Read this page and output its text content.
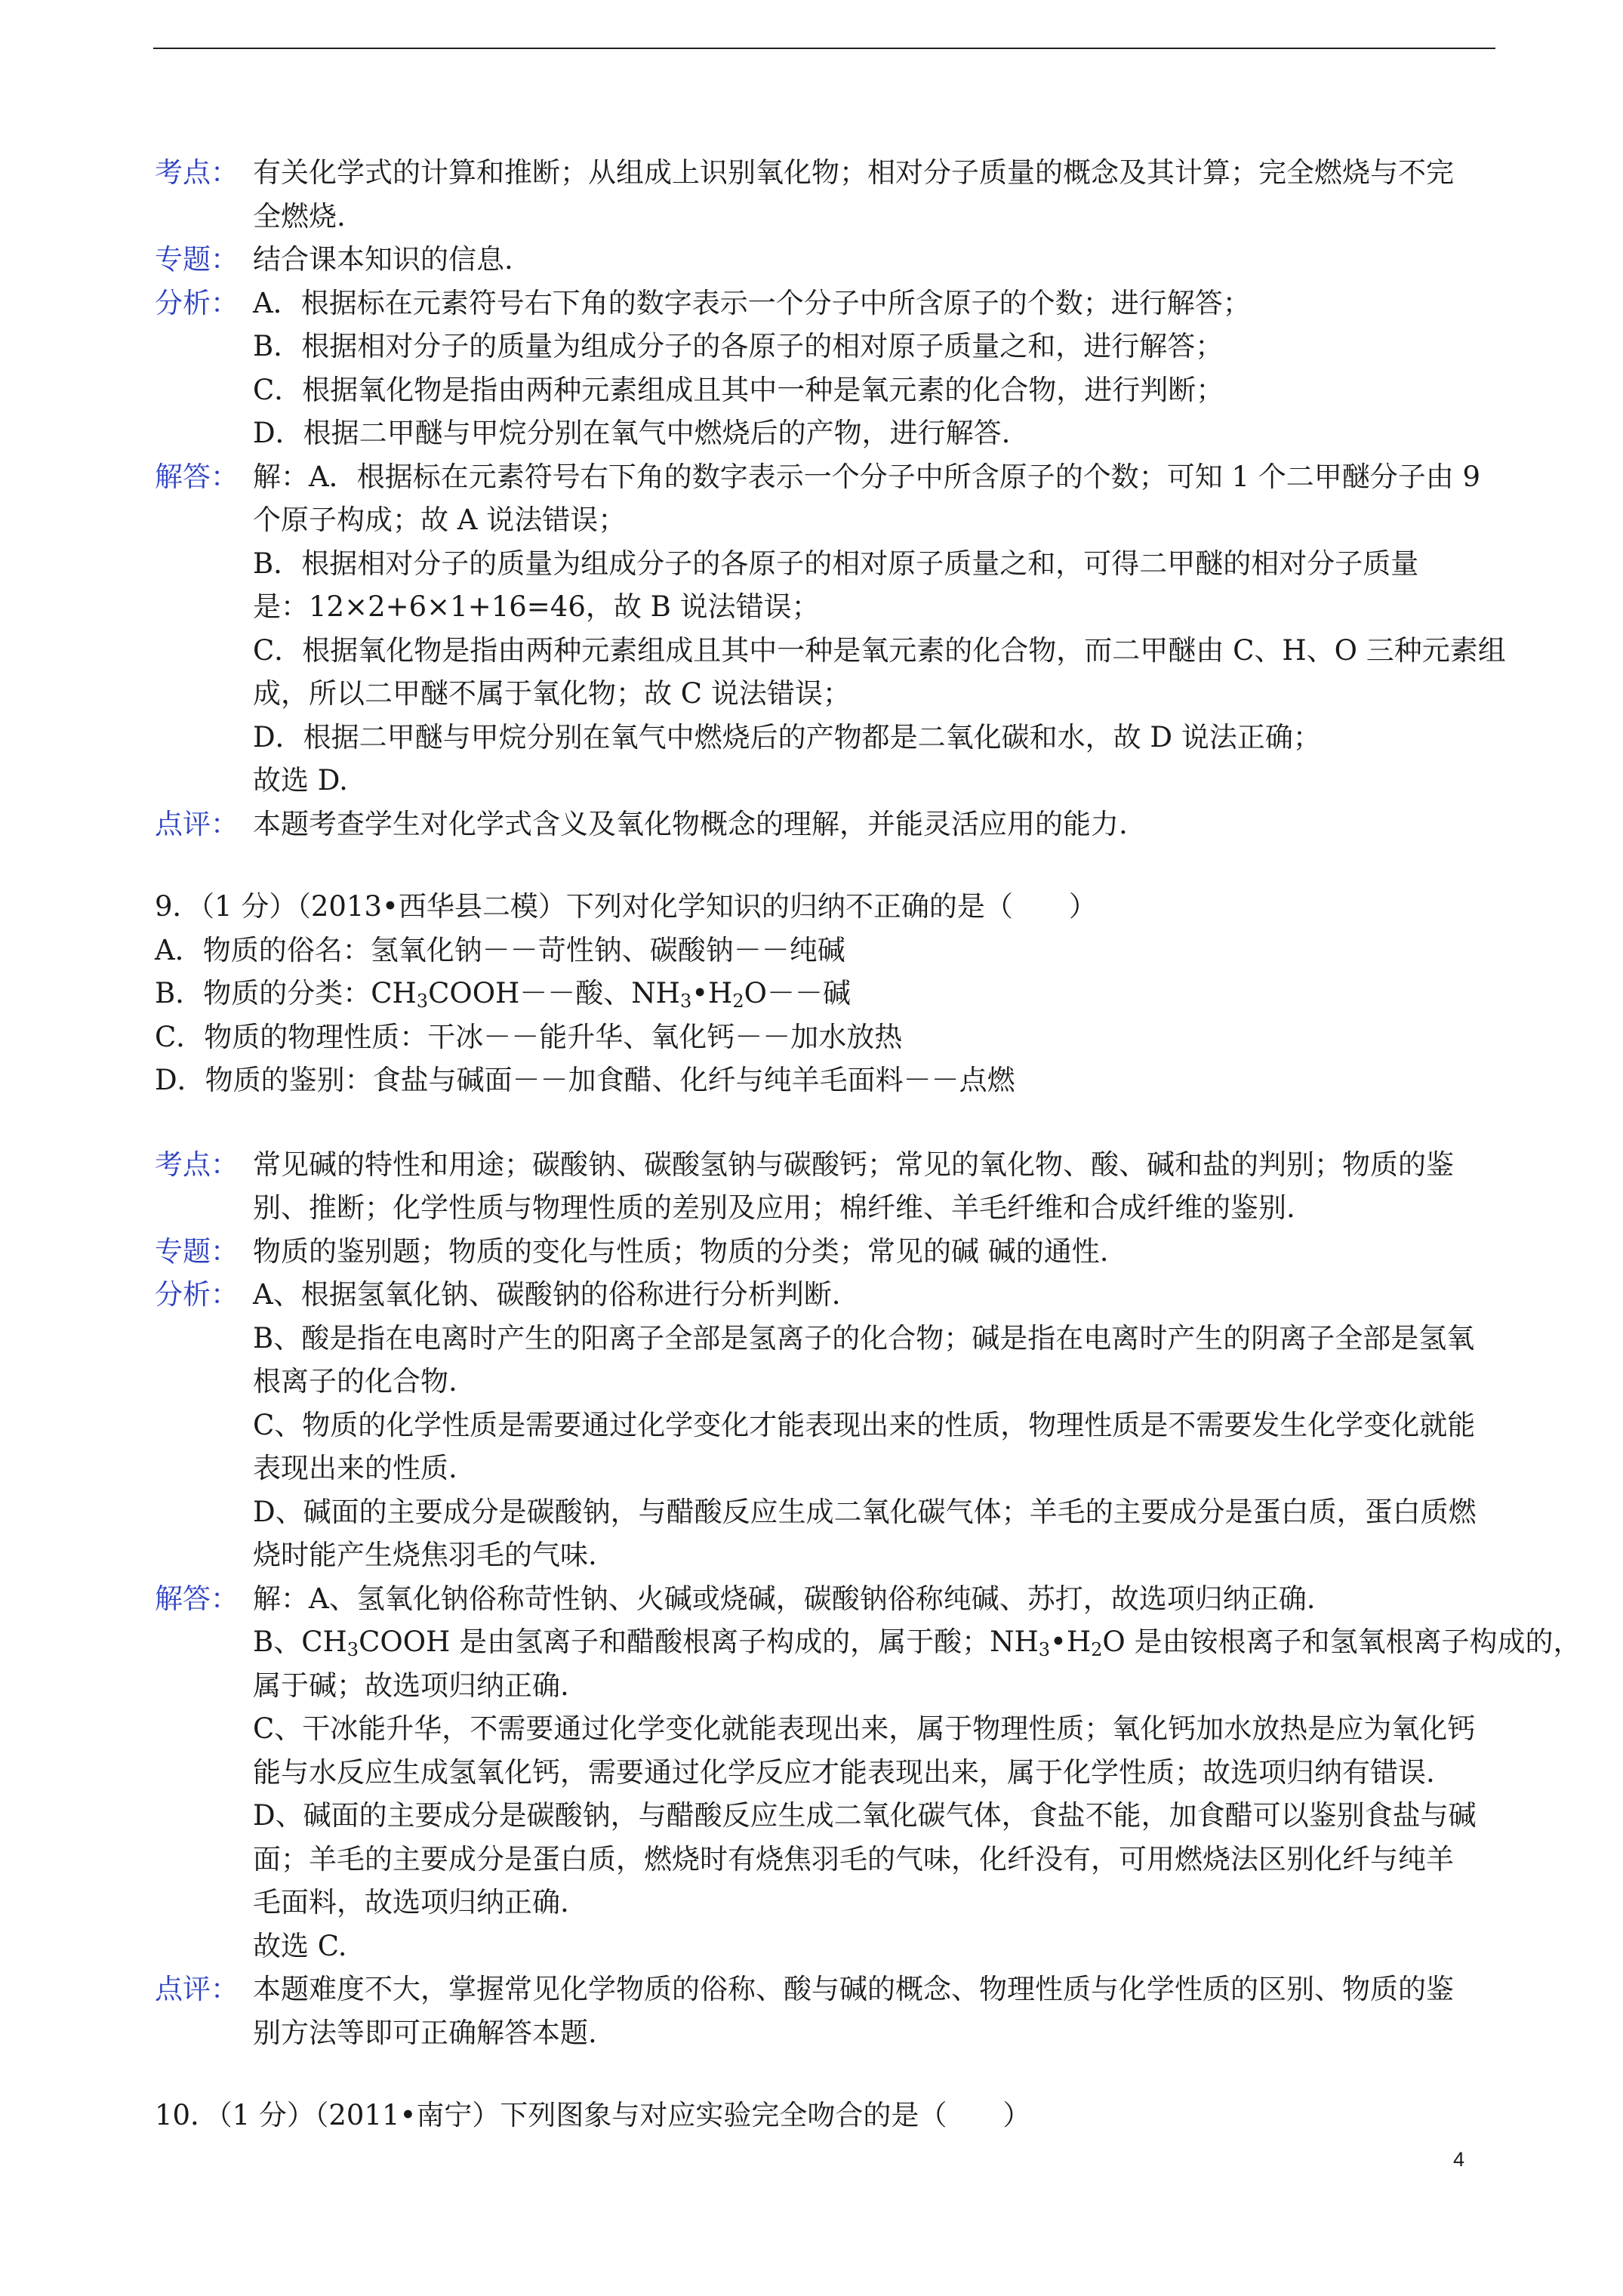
考点： 有关化学式的计算和推断；从组成上识别氧化物；相对分子质量的概念及其计算；完全燃烧与不完
全燃烧.
专题： 结合课本知识的信息.
分析： A．根据标在元素符号右下角的数字表示一个分子中所含原子的个数；进行解答；
B．根据相对分子的质量为组成分子的各原子的相对原子质量之和，进行解答；
C．根据氧化物是指由两种元素组成且其中一种是氧元素的化合物，进行判断；
D．根据二甲醚与甲烷分别在氧气中燃烧后的产物，进行解答.
解答： 解：A．根据标在元素符号右下角的数字表示一个分子中所含原子的个数；可知 1 个二甲醚分子由 9
个原子构成；故 A 说法错误；
B．根据相对分子的质量为组成分子的各原子的相对原子质量之和，可得二甲醚的相对分子质量
是：12×2+6×1+16=46，故 B 说法错误；
C．根据氧化物是指由两种元素组成且其中一种是氧元素的化合物，而二甲醚由 C、H、O 三种元素组
成，所以二甲醚不属于氧化物；故 C 说法错误；
D．根据二甲醚与甲烷分别在氧气中燃烧后的产物都是二氧化碳和水，故 D 说法正确；
故选 D.
点评： 本题考查学生对化学式含义及氧化物概念的理解，并能灵活应用的能力.
9．（1 分）（2013•西华县二模）下列对化学知识的归纳不正确的是（　　）
A．物质的俗名：氢氧化钠－－苛性钠、碳酸钠－－纯碱
B．物质的分类：$CH_3COOH--$酸、$NH_3•H_2O--$碱
C．物质的物理性质：干冰－－能升华、氧化钙－－加水放热
D．物质的鉴别：食盐与碱面－－加食醋、化纤与纯羊毛面料－－点燃
考点： 常见碱的特性和用途；碳酸钠、碳酸氢钠与碳酸钙；常见的氧化物、酸、碱和盐的判别；物质的鉴
别、推断；化学性质与物理性质的差别及应用；棉纤维、羊毛纤维和合成纤维的鉴别.
专题： 物质的鉴别题；物质的变化与性质；物质的分类；常见的碱 碱的通性.
分析： A、根据氢氧化钠、碳酸钠的俗称进行分析判断.
B、酸是指在电离时产生的阳离子全部是氢离子的化合物；碱是指在电离时产生的阴离子全部是氢氧
根离子的化合物.
C、物质的化学性质是需要通过化学变化才能表现出来的性质，物理性质是不需要发生化学变化就能
表现出来的性质.
D、碱面的主要成分是碳酸钠，与醋酸反应生成二氧化碳气体；羊毛的主要成分是蛋白质，蛋白质燃
烧时能产生烧焦羽毛的气味.
解答： 解：A、氢氧化钠俗称苛性钠、火碱或烧碱，碳酸钠俗称纯碱、苏打，故选项归纳正确.
B、$CH_3COOH$ 是由氢离子和醋酸根离子构成的，属于酸；$NH_3•H_2O$ 是由铵根离子和氢氧根离子构成的，
属于碱；故选项归纳正确.
C、干冰能升华，不需要通过化学变化就能表现出来，属于物理性质；氧化钙加水放热是应为氧化钙
能与水反应生成氢氧化钙，需要通过化学反应才能表现出来，属于化学性质；故选项归纳有错误.
D、碱面的主要成分是碳酸钠，与醋酸反应生成二氧化碳气体，食盐不能，加食醋可以鉴别食盐与碱
面；羊毛的主要成分是蛋白质，燃烧时有烧焦羽毛的气味，化纤没有，可用燃烧法区别化纤与纯羊
毛面料，故选项归纳正确.
故选 C.
点评： 本题难度不大，掌握常见化学物质的俗称、酸与碱的概念、物理性质与化学性质的区别、物质的鉴
别方法等即可正确解答本题.
10．（1 分）（2011•南宁）下列图象与对应实验完全吻合的是（　　）
4
